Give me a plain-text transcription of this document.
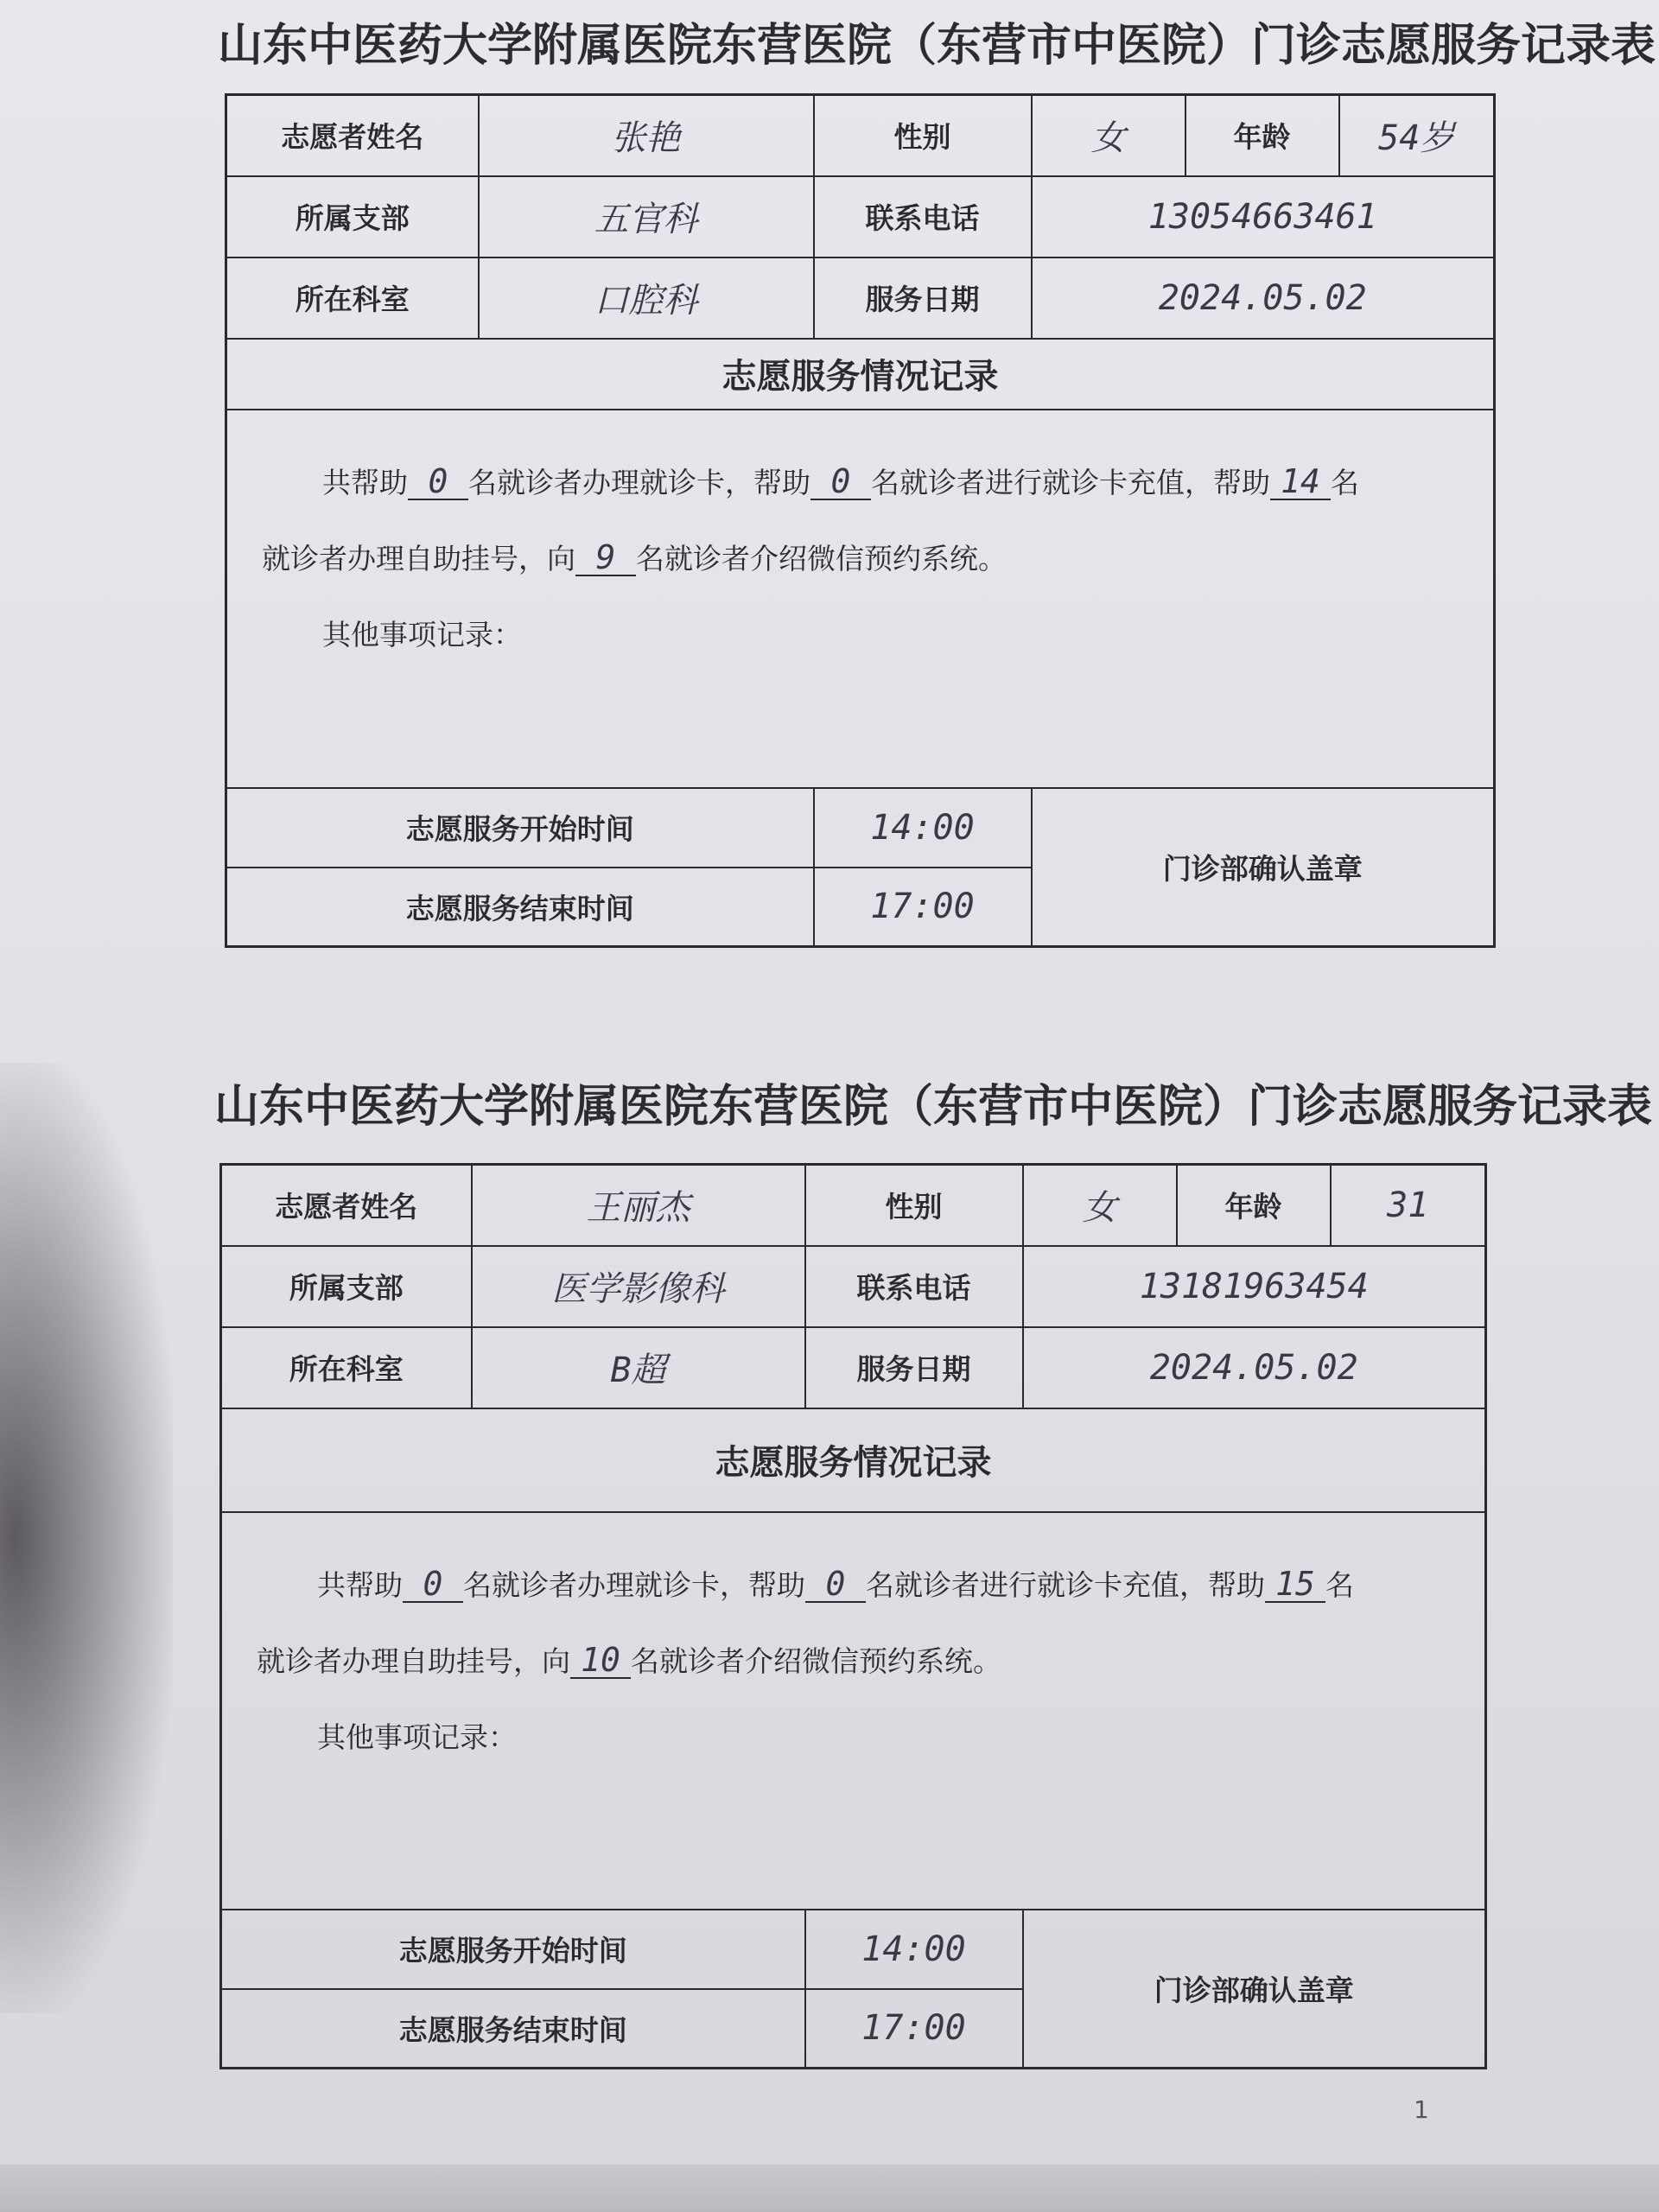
山东中医药大学附属医院东营医院（东营市中医院）门诊志愿服务记录表
志愿者姓名	张艳	性别	女	年龄	54岁
所属支部	五官科	联系电话	13054663461		
所在科室	口腔科	服务日期	2024.05.02		
志愿服务情况记录					
共帮助 0 名就诊者办理就诊卡，帮助 0 名就诊者进行就诊卡充值，帮助 14 名
就诊者办理自助挂号，向 9 名就诊者介绍微信预约系统。
其他事项记录：					
志愿服务开始时间		14:00	门诊部确认盖章		
志愿服务结束时间		17:00			
山东中医药大学附属医院东营医院（东营市中医院）门诊志愿服务记录表
志愿者姓名	王丽杰	性别	女	年龄	31
所属支部	医学影像科	联系电话	13181963454		
所在科室	B超	服务日期	2024.05.02		
志愿服务情况记录					
共帮助 0 名就诊者办理就诊卡，帮助 0 名就诊者进行就诊卡充值，帮助 15 名
就诊者办理自助挂号，向 10 名就诊者介绍微信预约系统。
其他事项记录：					
志愿服务开始时间		14:00	门诊部确认盖章		
志愿服务结束时间		17:00			
1
